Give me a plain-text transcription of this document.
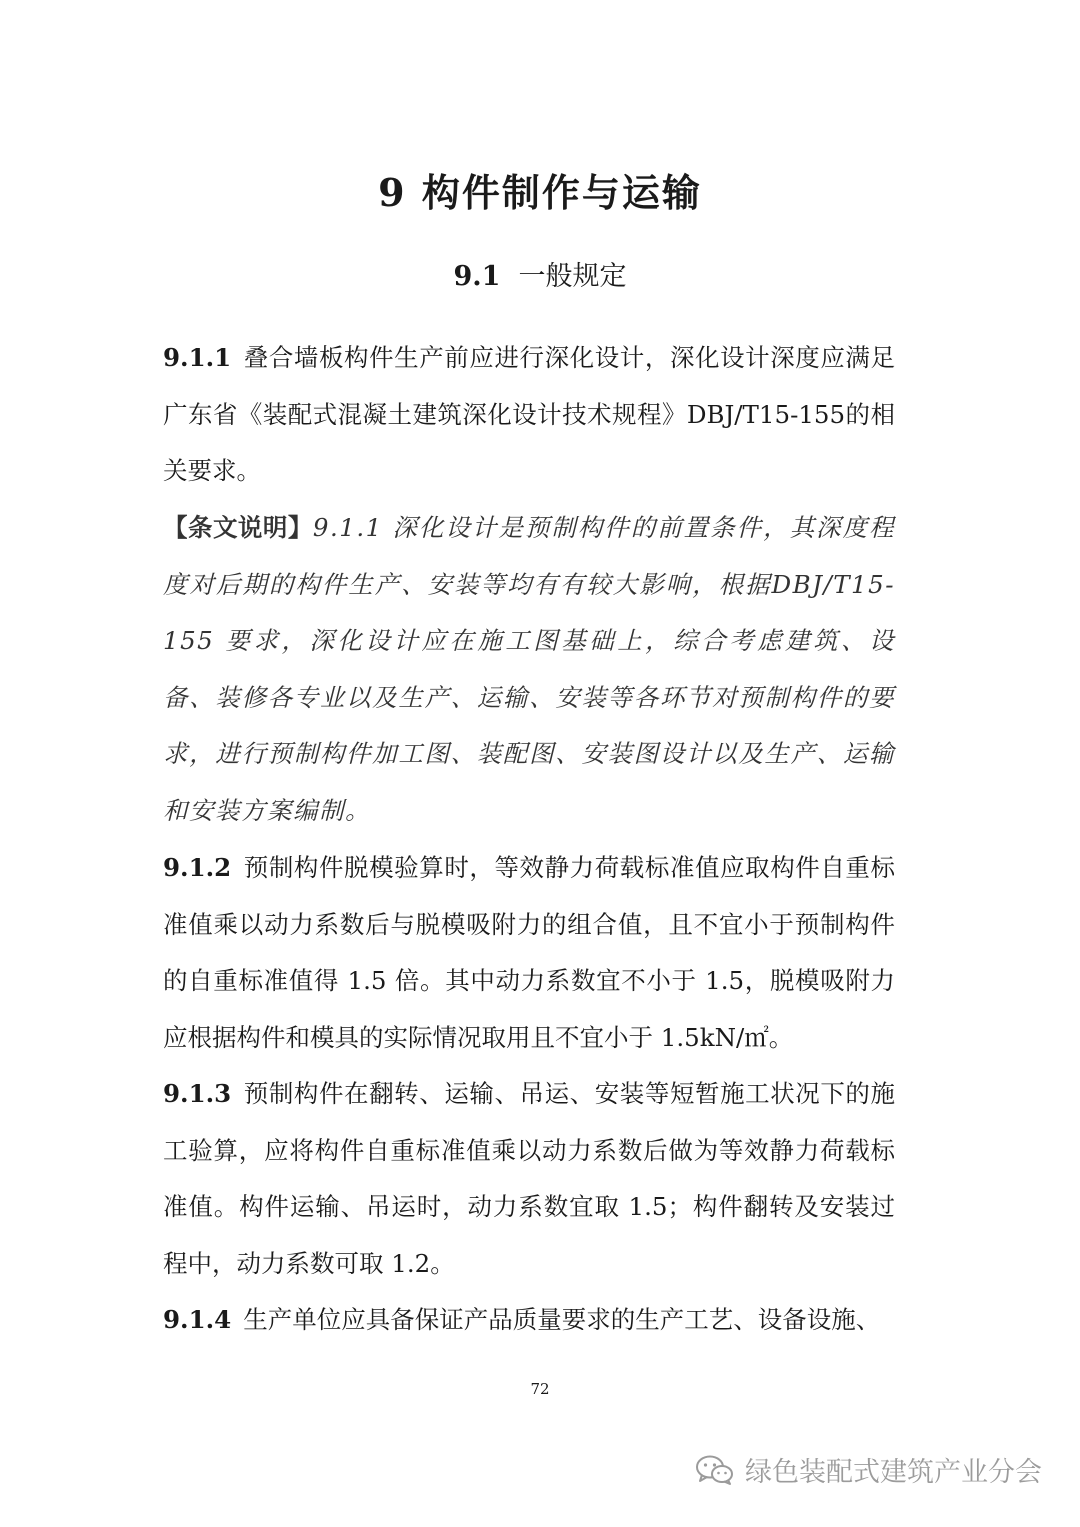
9 构件制作与运输
9.1 一般规定
9.1.1 叠合墙板构件生产前应进行深化设计，深化设计深度应满足广东省《装配式混凝土建筑深化设计技术规程》DBJ/T15-155的相关要求。
【条文说明】9.1.1 深化设计是预制构件的前置条件，其深度程度对后期的构件生产、安装等均有有较大影响，根据DBJ/T15-155 要求，深化设计应在施工图基础上，综合考虑建筑、设备、装修各专业以及生产、运输、安装等各环节对预制构件的要求，进行预制构件加工图、装配图、安装图设计以及生产、运输和安装方案编制。
9.1.2 预制构件脱模验算时，等效静力荷载标准值应取构件自重标准值乘以动力系数后与脱模吸附力的组合值，且不宜小于预制构件的自重标准值得 1.5 倍。其中动力系数宜不小于 1.5，脱模吸附力应根据构件和模具的实际情况取用且不宜小于 1.5kN/㎡。
9.1.3 预制构件在翻转、运输、吊运、安装等短暂施工状况下的施工验算，应将构件自重标准值乘以动力系数后做为等效静力荷载标准值。构件运输、吊运时，动力系数宜取 1.5；构件翻转及安装过程中，动力系数可取 1.2。
9.1.4 生产单位应具备保证产品质量要求的生产工艺、设备设施、
72
绿色装配式建筑产业分会
